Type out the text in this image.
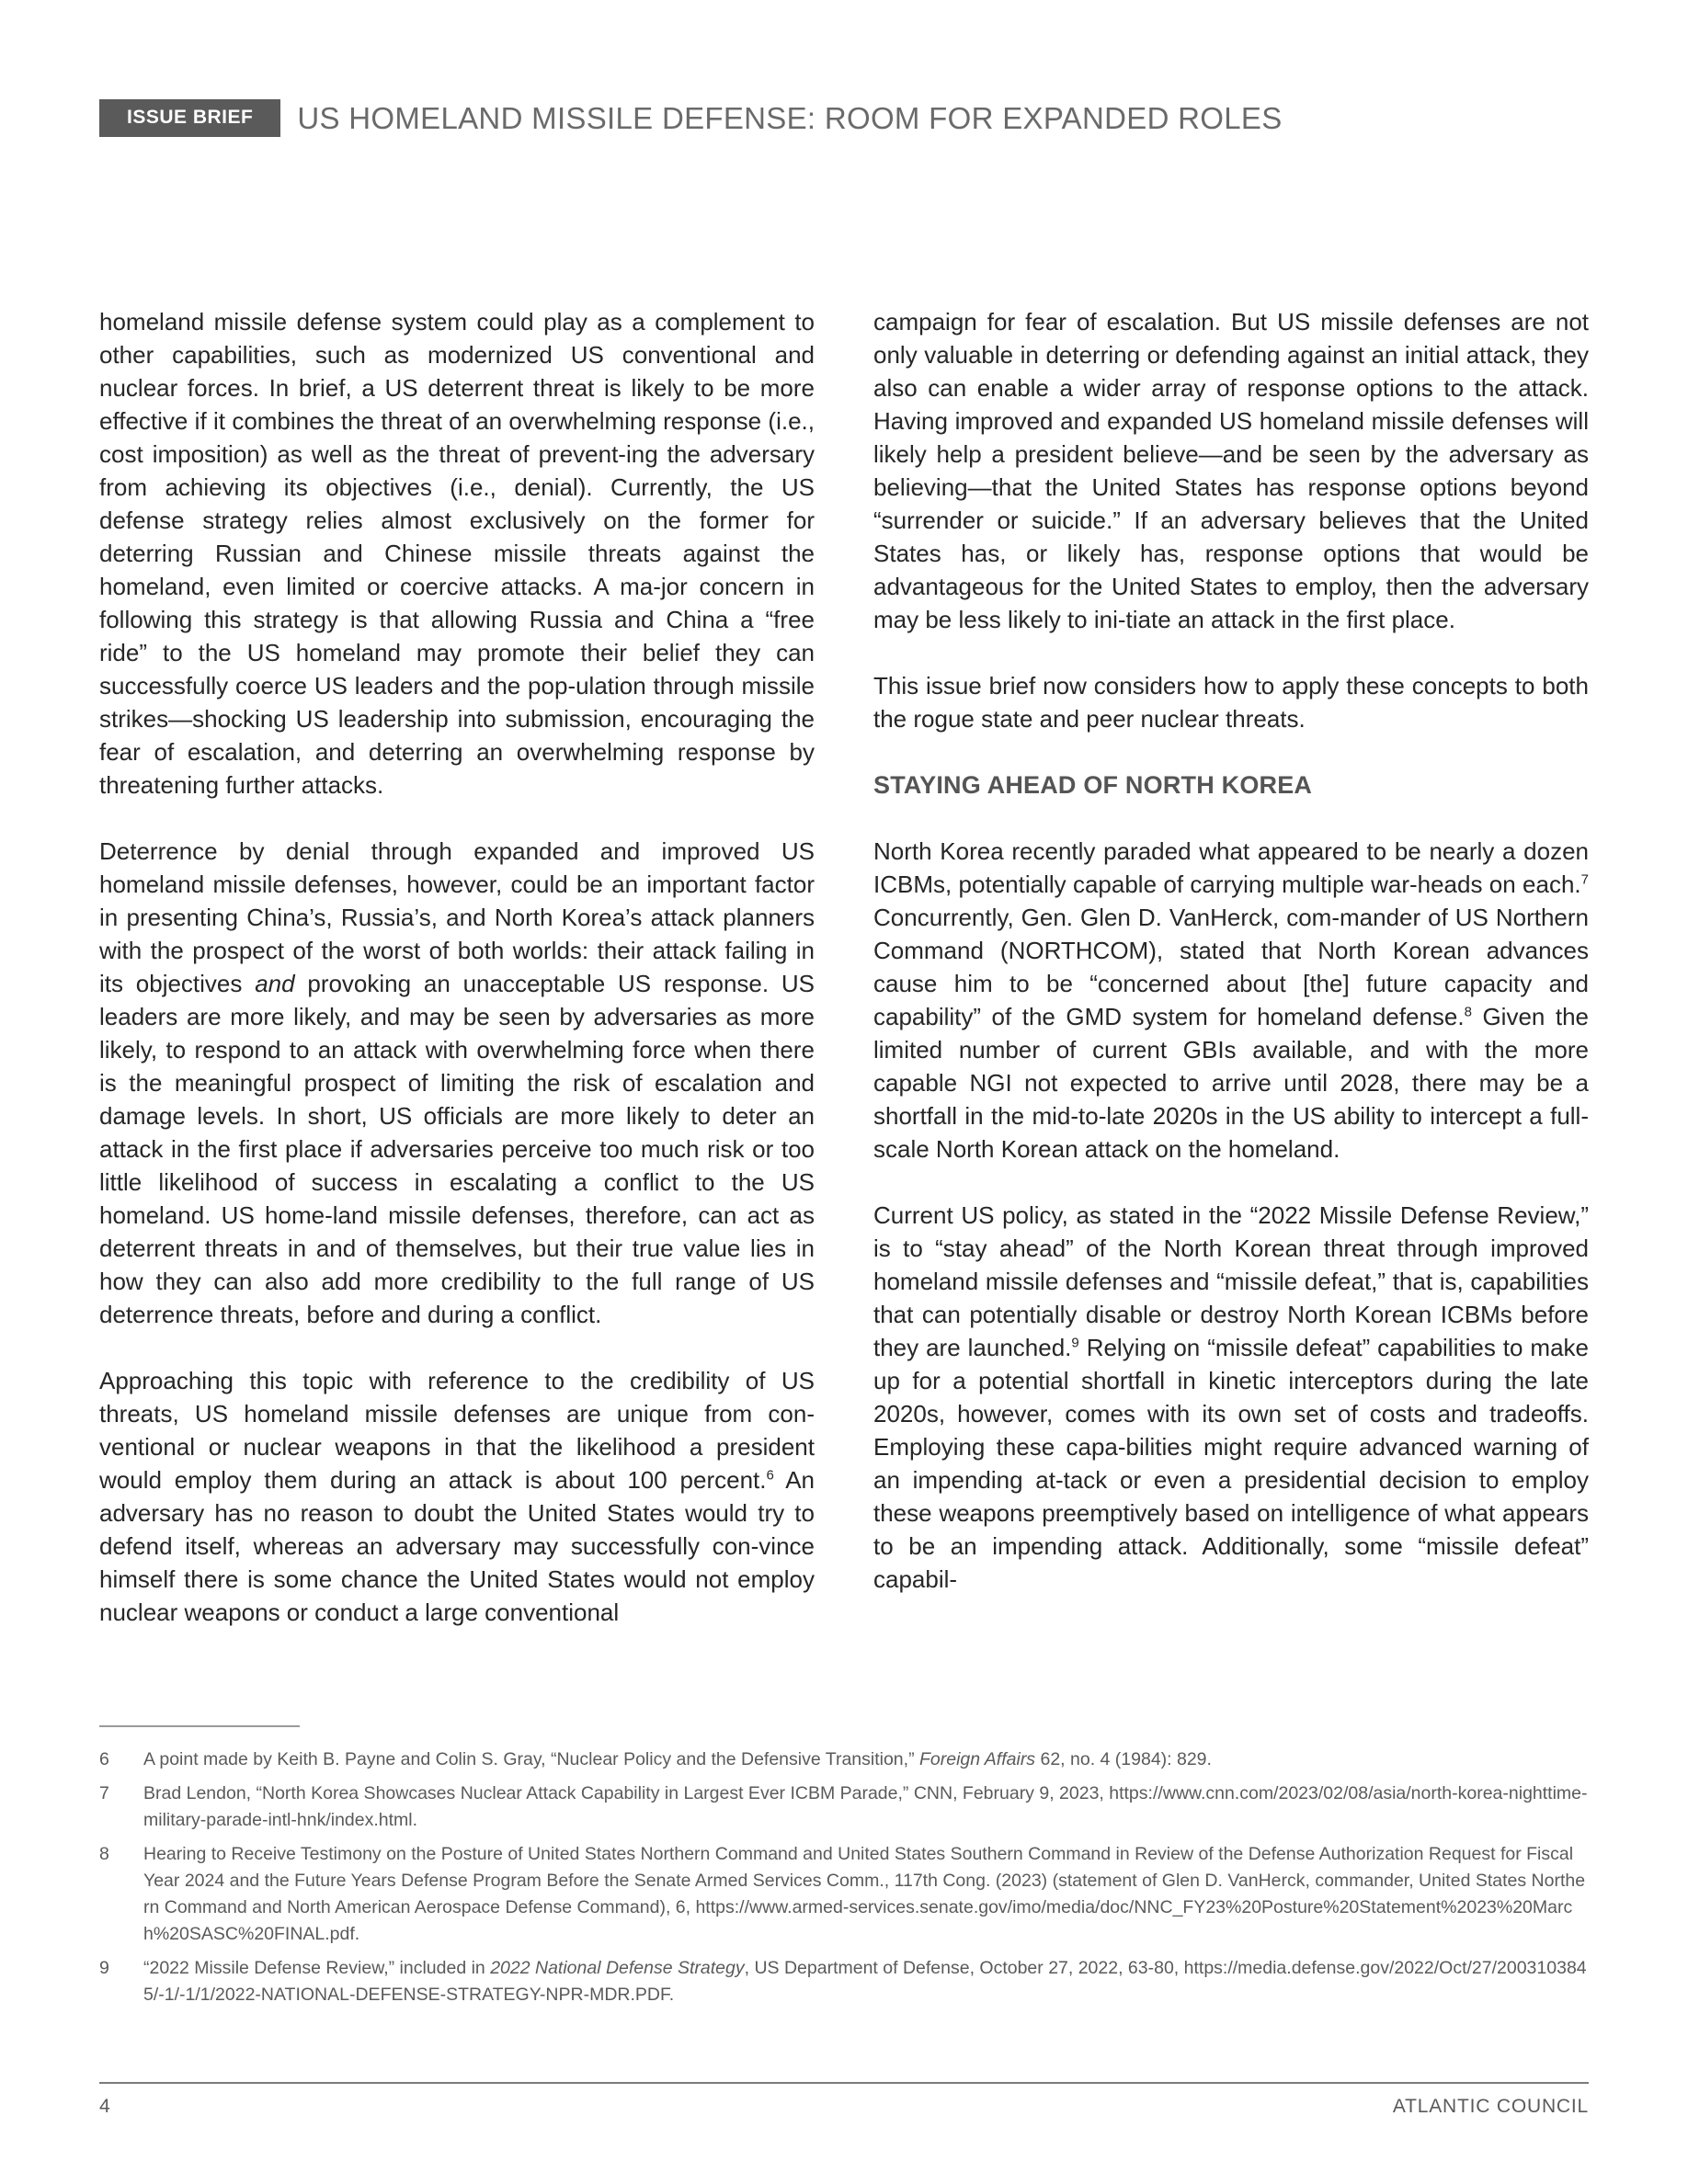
ISSUE BRIEF	US HOMELAND MISSILE DEFENSE: ROOM FOR EXPANDED ROLES

homeland missile defense system could play as a complement to other capabilities, such as modernized US conventional and nuclear forces. In brief, a US deterrent threat is likely to be more effective if it combines the threat of an overwhelming response (i.e., cost imposition) as well as the threat of prevent-ing the adversary from achieving its objectives (i.e., denial). Currently, the US defense strategy relies almost exclusively on the former for deterring Russian and Chinese missile threats against the homeland, even limited or coercive attacks. A ma-jor concern in following this strategy is that allowing Russia and China a “free ride” to the US homeland may promote their belief they can successfully coerce US leaders and the pop-ulation through missile strikes—shocking US leadership into submission, encouraging the fear of escalation, and deterring an overwhelming response by threatening further attacks.

Deterrence by denial through expanded and improved US homeland missile defenses, however, could be an important factor in presenting China’s, Russia’s, and North Korea’s attack planners with the prospect of the worst of both worlds: their attack failing in its objectives and provoking an unacceptable US response. US leaders are more likely, and may be seen by adversaries as more likely, to respond to an attack with overwhelming force when there is the meaningful prospect of limiting the risk of escalation and damage levels. In short, US officials are more likely to deter an attack in the first place if adversaries perceive too much risk or too little likelihood of success in escalating a conflict to the US homeland. US home-land missile defenses, therefore, can act as deterrent threats in and of themselves, but their true value lies in how they can also add more credibility to the full range of US deterrence threats, before and during a conflict.

Approaching this topic with reference to the credibility of US threats, US homeland missile defenses are unique from con-ventional or nuclear weapons in that the likelihood a president would employ them during an attack is about 100 percent.$^6$ An adversary has no reason to doubt the United States would try to defend itself, whereas an adversary may successfully con-vince himself there is some chance the United States would not employ nuclear weapons or conduct a large conventional

campaign for fear of escalation. But US missile defenses are not only valuable in deterring or defending against an initial attack, they also can enable a wider array of response options to the attack. Having improved and expanded US homeland missile defenses will likely help a president believe—and be seen by the adversary as believing—that the United States has response options beyond “surrender or suicide.” If an adversary believes that the United States has, or likely has, response options that would be advantageous for the United States to employ, then the adversary may be less likely to ini-tiate an attack in the first place.

This issue brief now considers how to apply these concepts to both the rogue state and peer nuclear threats.

STAYING AHEAD OF NORTH KOREA

North Korea recently paraded what appeared to be nearly a dozen ICBMs, potentially capable of carrying multiple war-heads on each.$^7$ Concurrently, Gen. Glen D. VanHerck, com-mander of US Northern Command (NORTHCOM), stated that North Korean advances cause him to be “concerned about [the] future capacity and capability” of the GMD system for homeland defense.$^8$ Given the limited number of current GBIs available, and with the more capable NGI not expected to arrive until 2028, there may be a shortfall in the mid-to-late 2020s in the US ability to intercept a full-scale North Korean attack on the homeland.

Current US policy, as stated in the “2022 Missile Defense Review,” is to “stay ahead” of the North Korean threat through improved homeland missile defenses and “missile defeat,” that is, capabilities that can potentially disable or destroy North Korean ICBMs before they are launched.$^9$ Relying on “missile defeat” capabilities to make up for a potential shortfall in kinetic interceptors during the late 2020s, however, comes with its own set of costs and tradeoffs. Employing these capa-bilities might require advanced warning of an impending at-tack or even a presidential decision to employ these weapons preemptively based on intelligence of what appears to be an impending attack. Additionally, some “missile defeat” capabil-

6	A point made by Keith B. Payne and Colin S. Gray, “Nuclear Policy and the Defensive Transition,” Foreign Affairs 62, no. 4 (1984): 829.
7	Brad Lendon, “North Korea Showcases Nuclear Attack Capability in Largest Ever ICBM Parade,” CNN, February 9, 2023, https://www.cnn.com/2023/02/08/asia/north-korea-nighttime-military-parade-intl-hnk/index.html.
8	Hearing to Receive Testimony on the Posture of United States Northern Command and United States Southern Command in Review of the Defense Authorization Request for Fiscal Year 2024 and the Future Years Defense Program Before the Senate Armed Services Comm., 117th Cong. (2023) (statement of Glen D. VanHerck, commander, United States Northern Command and North American Aerospace Defense Command), 6, https://www.armed-services.senate.gov/imo/media/doc/NNC_FY23%20Posture%20Statement%2023%20March%20SASC%20FINAL.pdf.
9	“2022 Missile Defense Review,” included in 2022 National Defense Strategy, US Department of Defense, October 27, 2022, 63-80, https://media.defense.gov/2022/Oct/27/2003103845/-1/-1/1/2022-NATIONAL-DEFENSE-STRATEGY-NPR-MDR.PDF.
4	ATLANTIC COUNCIL
